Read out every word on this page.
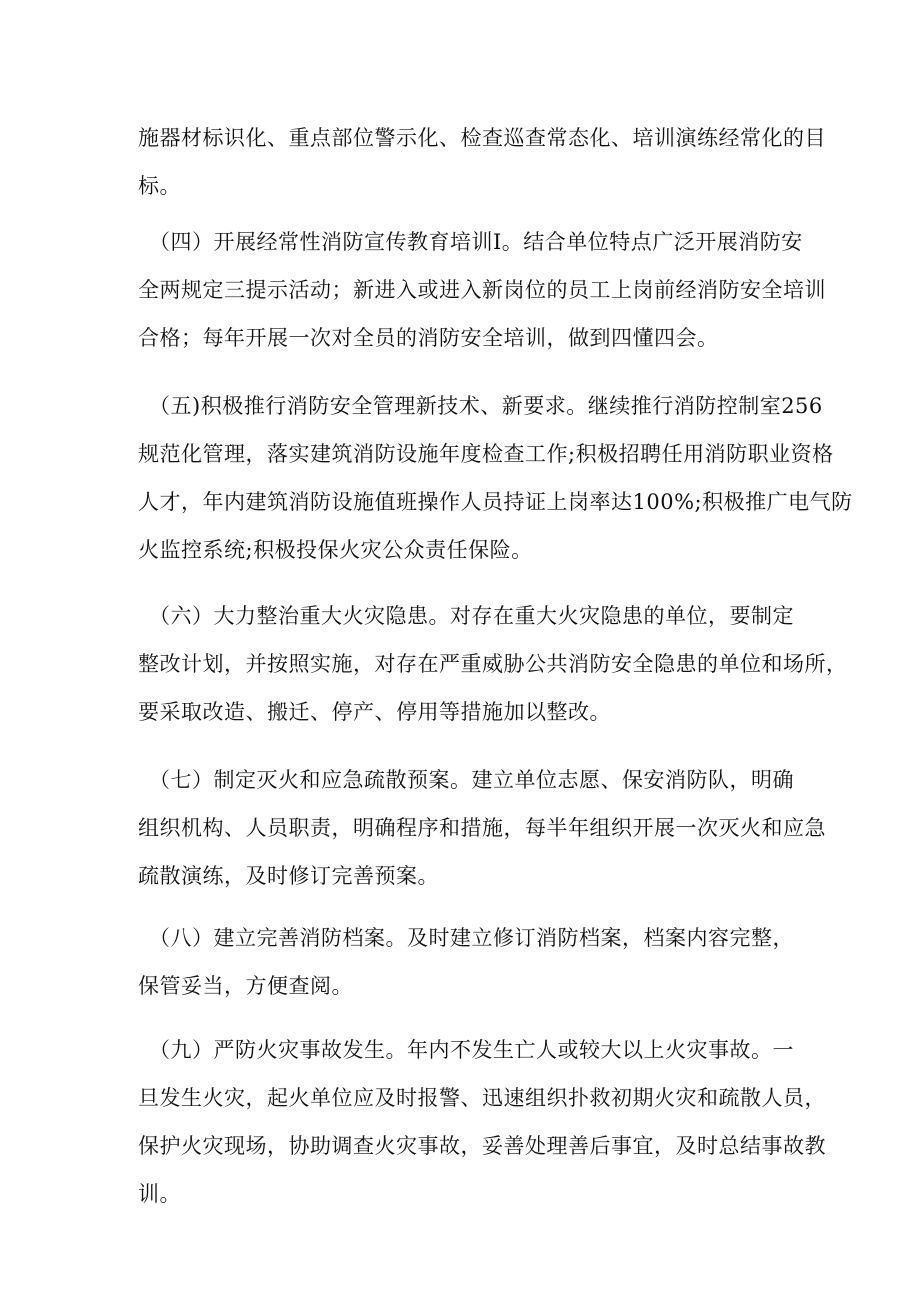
施器材标识化、重点部位警示化、检查巡查常态化、培训演练经常化的目
标。
　（四）开展经常性消防宣传教育培训I。结合单位特点广泛开展消防安
全两规定三提示活动；新进入或进入新岗位的员工上岗前经消防安全培训
合格；每年开展一次对全员的消防安全培训，做到四懂四会。
　（五)积极推行消防安全管理新技术、新要求。继续推行消防控制室256
规范化管理，落实建筑消防设施年度检查工作;积极招聘任用消防职业资格
人才，年内建筑消防设施值班操作人员持证上岗率达100%;积极推广电气防
火监控系统;积极投保火灾公众责任保险。
　（六）大力整治重大火灾隐患。对存在重大火灾隐患的单位，要制定
整改计划，并按照实施，对存在严重威胁公共消防安全隐患的单位和场所，
要采取改造、搬迁、停产、停用等措施加以整改。
　（七）制定灭火和应急疏散预案。建立单位志愿、保安消防队，明确
组织机构、人员职责，明确程序和措施，每半年组织开展一次灭火和应急
疏散演练，及时修订完善预案。
　（八）建立完善消防档案。及时建立修订消防档案，档案内容完整，
保管妥当，方便查阅。
　（九）严防火灾事故发生。年内不发生亡人或较大以上火灾事故。一
旦发生火灾，起火单位应及时报警、迅速组织扑救初期火灾和疏散人员，
保护火灾现场，协助调查火灾事故，妥善处理善后事宜，及时总结事故教
训。
